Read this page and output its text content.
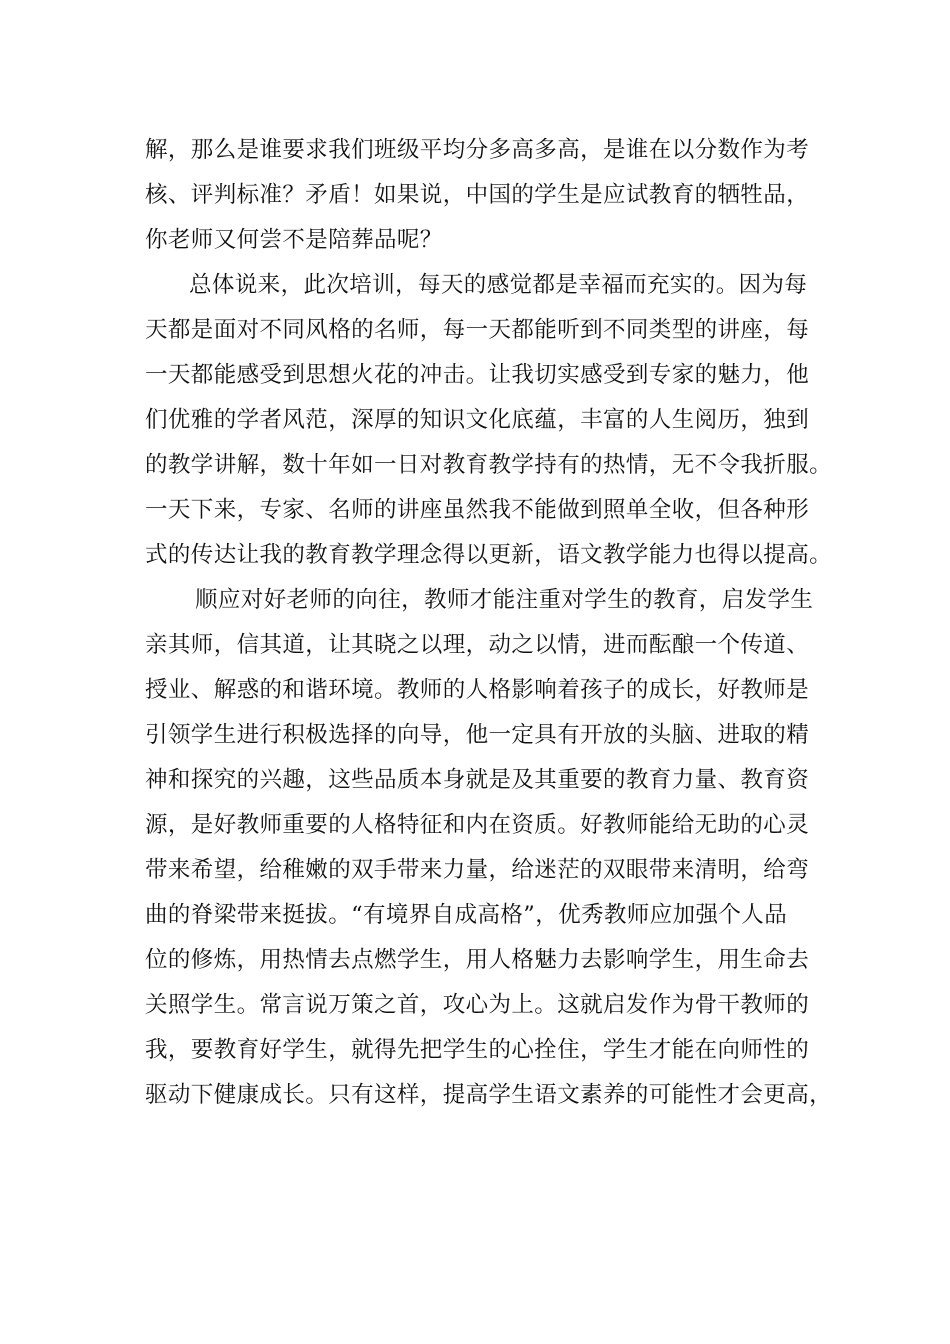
解，那么是谁要求我们班级平均分多高多高，是谁在以分数作为考
核、评判标准？矛盾！如果说，中国的学生是应试教育的牺牲品，
你老师又何尝不是陪葬品呢？
总体说来，此次培训，每天的感觉都是幸福而充实的。因为每
天都是面对不同风格的名师，每一天都能听到不同类型的讲座，每
一天都能感受到思想火花的冲击。让我切实感受到专家的魅力，他
们优雅的学者风范，深厚的知识文化底蕴，丰富的人生阅历，独到
的教学讲解，数十年如一日对教育教学持有的热情，无不令我折服。
一天下来，专家、名师的讲座虽然我不能做到照单全收，但各种形
式的传达让我的教育教学理念得以更新，语文教学能力也得以提高。
顺应对好老师的向往，教师才能注重对学生的教育，启发学生
亲其师，信其道，让其晓之以理，动之以情，进而酝酿一个传道、
授业、解惑的和谐环境。教师的人格影响着孩子的成长，好教师是
引领学生进行积极选择的向导，他一定具有开放的头脑、进取的精
神和探究的兴趣，这些品质本身就是及其重要的教育力量、教育资
源，是好教师重要的人格特征和内在资质。好教师能给无助的心灵
带来希望，给稚嫩的双手带来力量，给迷茫的双眼带来清明，给弯
曲的脊梁带来挺拔。“有境界自成高格”，优秀教师应加强个人品
位的修炼，用热情去点燃学生，用人格魅力去影响学生，用生命去
关照学生。常言说万策之首，攻心为上。这就启发作为骨干教师的
我，要教育好学生，就得先把学生的心拴住，学生才能在向师性的
驱动下健康成长。只有这样，提高学生语文素养的可能性才会更高，
